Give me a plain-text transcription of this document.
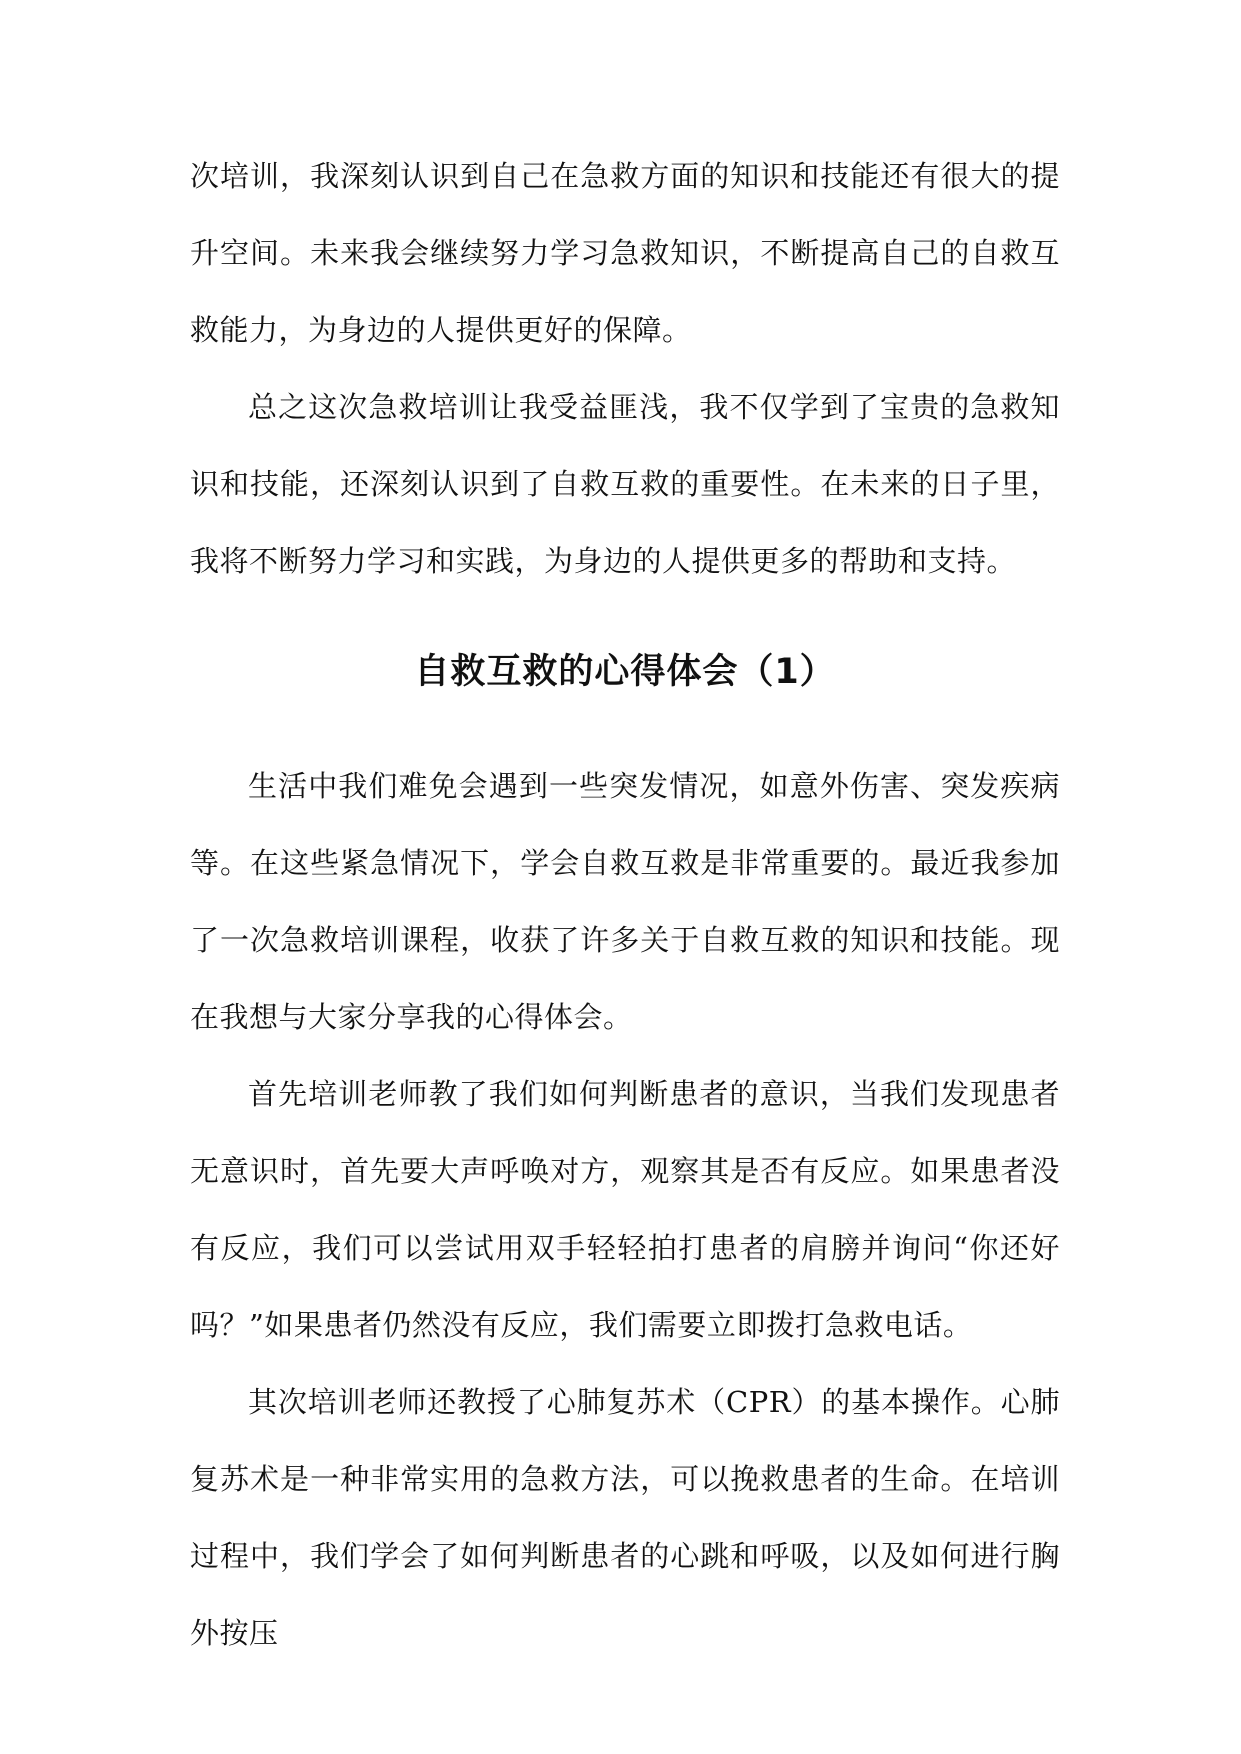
次培训，我深刻认识到自己在急救方面的知识和技能还有很大的提升空间。未来我会继续努力学习急救知识，不断提高自己的自救互救能力，为身边的人提供更好的保障。

总之这次急救培训让我受益匪浅，我不仅学到了宝贵的急救知识和技能，还深刻认识到了自救互救的重要性。在未来的日子里，我将不断努力学习和实践，为身边的人提供更多的帮助和支持。

自救互救的心得体会（1）

生活中我们难免会遇到一些突发情况，如意外伤害、突发疾病等。在这些紧急情况下，学会自救互救是非常重要的。最近我参加了一次急救培训课程，收获了许多关于自救互救的知识和技能。现在我想与大家分享我的心得体会。

首先培训老师教了我们如何判断患者的意识，当我们发现患者无意识时，首先要大声呼唤对方，观察其是否有反应。如果患者没有反应，我们可以尝试用双手轻轻拍打患者的肩膀并询问“你还好吗？”如果患者仍然没有反应，我们需要立即拨打急救电话。

其次培训老师还教授了心肺复苏术（CPR）的基本操作。心肺复苏术是一种非常实用的急救方法，可以挽救患者的生命。在培训过程中，我们学会了如何判断患者的心跳和呼吸，以及如何进行胸外按压
